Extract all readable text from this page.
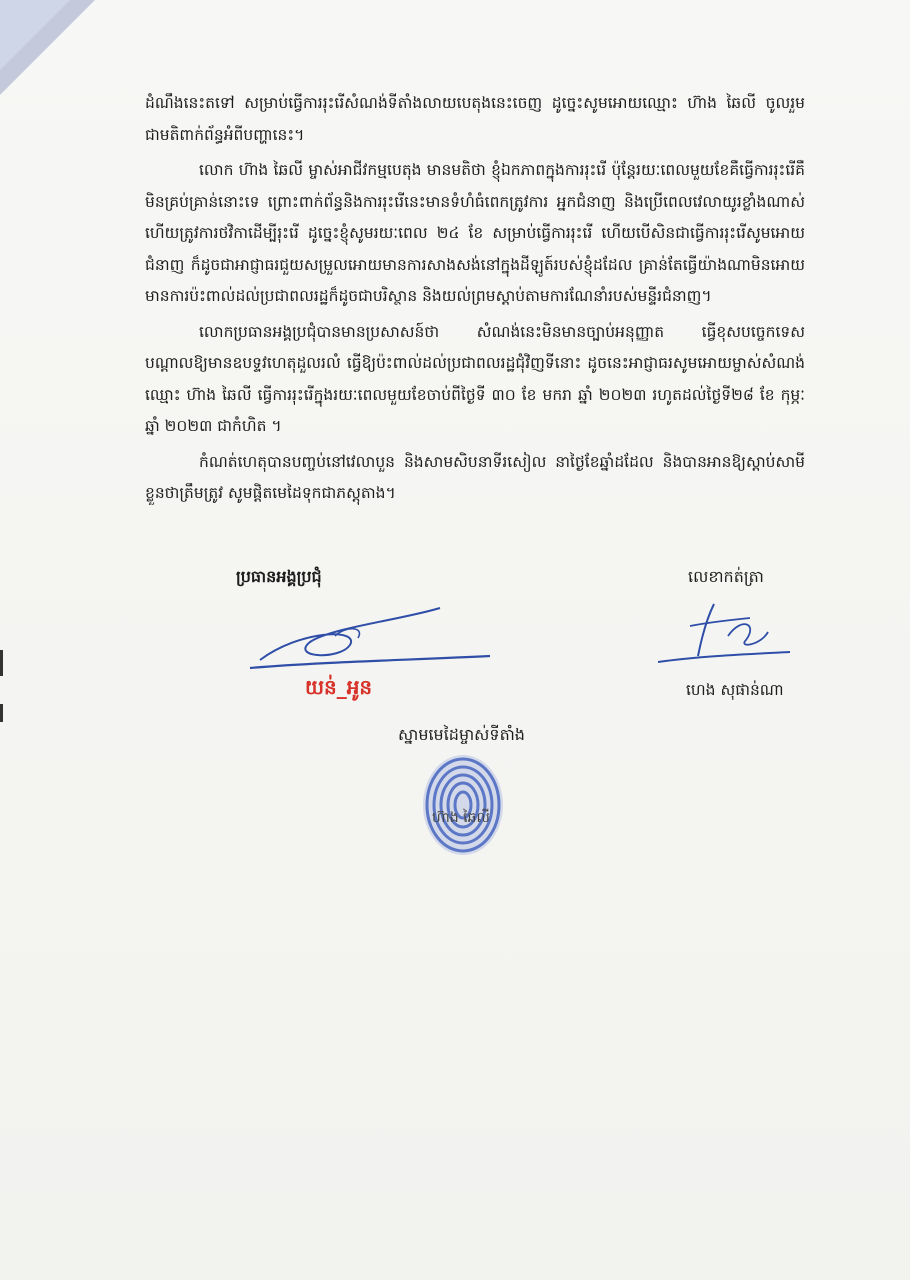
ដំណឹងនេះតទៅ សម្រាប់ធ្វើការរុះរើសំណង់ទីតាំងលាយបេតុងនេះចេញ ដូច្នេះសូមអោយឈ្មោះ ហ៊ាង ឆៃលី ចូលរួមជាមតិពាក់ព័ន្ធអំពីបញ្ហានេះ។

លោក ហ៊ាង ឆៃលី ម្ចាស់អាជីវកម្មបេតុង មានមតិថា ខ្ញុំឯកភាពក្នុងការរុះរើ ប៉ុន្តែរយៈពេលមួយខែគឺធ្វើការរុះរើគឺមិនគ្រប់គ្រាន់នោះទេ ព្រោះពាក់ព័ន្ធនិងការរុះរើនេះមានទំហំធំពេកត្រូវការ អ្នកជំនាញ និងប្រើពេលវេលាយូរខ្លាំងណាស់ ហើយត្រូវការថវិកាដើម្បីរុះរើ ដូច្នេះខ្ញុំសូមរយៈពេល ២៤ ខែ សម្រាប់ធ្វើការរុះរើ ហើយបើសិនជាធ្វើការរុះរើសូមអោយជំនាញ ក៏ដូចជាអាជ្ញាធរជួយសម្រួលអោយមានការសាងសង់នៅក្នុងដីឡូត៍របស់ខ្ញុំដដែល គ្រាន់តែធ្វើយ៉ាងណាមិនអោយមានការប៉ះពាល់ដល់ប្រជាពលរដ្ឋក៏ដូចជាបរិស្ថាន និងយល់ព្រមស្តាប់តាមការណែនាំរបស់មន្ទីរជំនាញ។

លោកប្រធានអង្គប្រជុំបានមានប្រសាសន៍ថា សំណង់នេះមិនមានច្បាប់អនុញ្ញាត ធ្វើខុសបច្ចេកទេស បណ្តាលឱ្យមានឧបទ្ទវហេតុដួលរលំ ធ្វើឱ្យប៉ះពាល់ដល់ប្រជាពលរដ្ឋជុំវិញទីនោះ ដូចនេះអាជ្ញាធរសូមអោយម្ចាស់សំណង់ឈ្មោះ ហ៊ាង ឆៃលី ធ្វើការរុះរើក្នុងរយៈពេលមួយខែចាប់ពីថ្ងៃទី ៣០ ខែ មករា ឆ្នាំ ២០២៣ រហូតដល់ថ្ងៃទី២៨ ខែ កុម្ភៈ ឆ្នាំ ២០២៣ ជាកំហិត ។

កំណត់ហេតុបានបញ្ចប់នៅវេលាបួន និងសាមសិបនាទីរសៀល នាថ្ងៃខែឆ្នាំដដែល និងបានអានឱ្យស្តាប់សាមីខ្លួនថាត្រឹមត្រូវ សូមផ្តិតមេដៃទុកជាភស្តុតាង។

ប្រធានអង្គប្រជុំ
យន់_អូន
លេខាកត់ត្រា
ហេង សុផាន់ណា
ស្នាមមេដៃម្ចាស់ទីតាំង
ហ៊ាង ឆៃលី
